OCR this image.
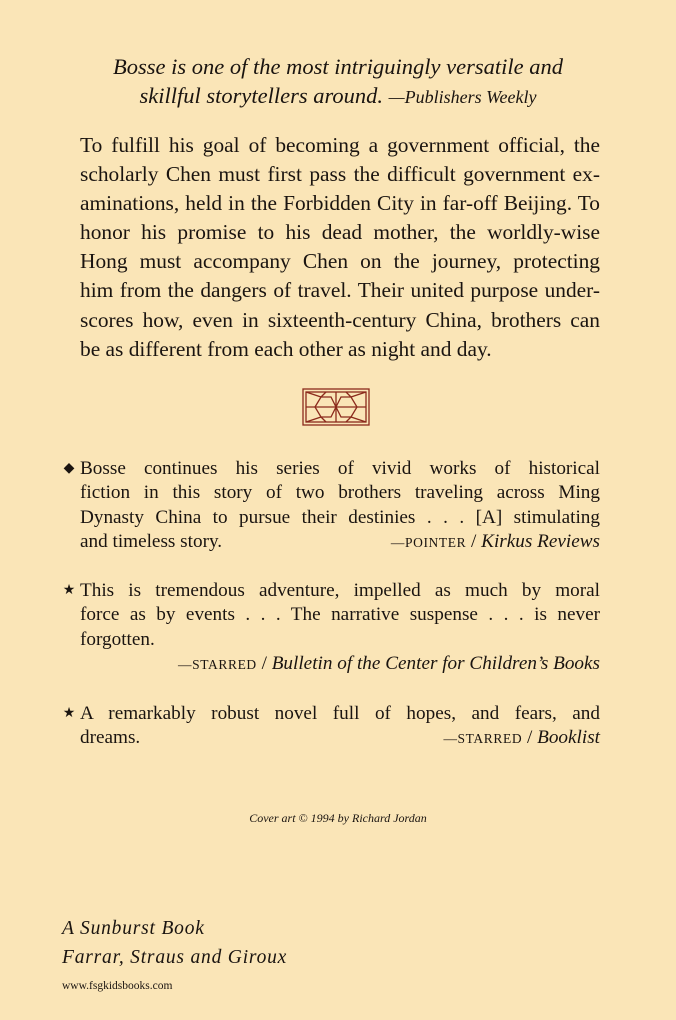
Bosse is one of the most intriguingly versatile and
skillful storytellers around. —Publishers Weekly
To fulfill his goal of becoming a government official, the
scholarly Chen must first pass the difficult government ex-
aminations, held in the Forbidden City in far-off Beijing. To
honor his promise to his dead mother, the worldly-wise
Hong must accompany Chen on the journey, protecting
him from the dangers of travel. Their united purpose under-
scores how, even in sixteenth-century China, brothers can
be as different from each other as night and day.
◆ Bosse continues his series of vivid works of historical
fiction in this story of two brothers traveling across Ming
Dynasty China to pursue their destinies . . . [A] stimulating
and timeless story.	—POINTER / Kirkus Reviews
★ This is tremendous adventure, impelled as much by moral
force as by events . . . The narrative suspense . . . is never
forgotten.
—STARRED / Bulletin of the Center for Children’s Books
★ A remarkably robust novel full of hopes, and fears, and
dreams.	—STARRED / Booklist
Cover art © 1994 by Richard Jordan
A Sunburst Book
Farrar, Straus and Giroux
www.fsgkidsbooks.com
